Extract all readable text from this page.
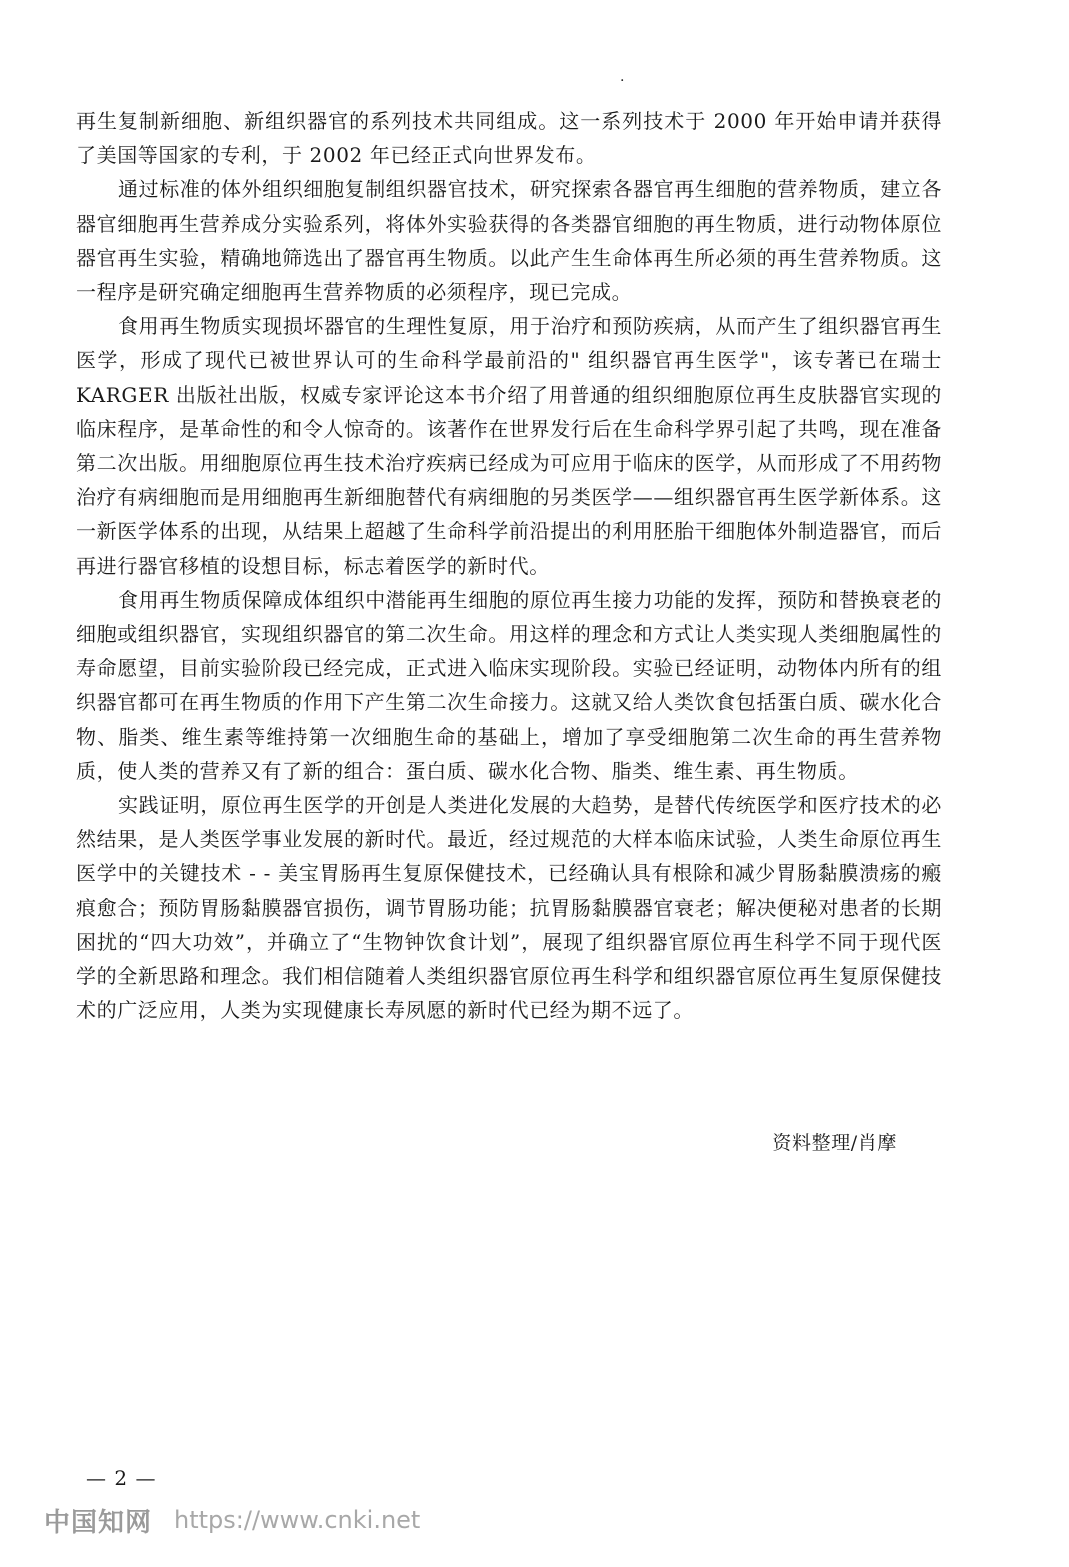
.

再生复制新细胞、新组织器官的系列技术共同组成。这一系列技术于 2000 年开始申请并获得了美国等国家的专利，于 2002 年已经正式向世界发布。

通过标准的体外组织细胞复制组织器官技术，研究探索各器官再生细胞的营养物质，建立各器官细胞再生营养成分实验系列，将体外实验获得的各类器官细胞的再生物质，进行动物体原位器官再生实验，精确地筛选出了器官再生物质。以此产生生命体再生所必须的再生营养物质。这一程序是研究确定细胞再生营养物质的必须程序，现已完成。

食用再生物质实现损坏器官的生理性复原，用于治疗和预防疾病，从而产生了组织器官再生医学，形成了现代已被世界认可的生命科学最前沿的" 组织器官再生医学"，该专著已在瑞士 KARGER 出版社出版，权威专家评论这本书介绍了用普通的组织细胞原位再生皮肤器官实现的临床程序，是革命性的和令人惊奇的。该著作在世界发行后在生命科学界引起了共鸣，现在准备第二次出版。用细胞原位再生技术治疗疾病已经成为可应用于临床的医学，从而形成了不用药物治疗有病细胞而是用细胞再生新细胞替代有病细胞的另类医学——组织器官再生医学新体系。这一新医学体系的出现，从结果上超越了生命科学前沿提出的利用胚胎干细胞体外制造器官，而后再进行器官移植的设想目标，标志着医学的新时代。

食用再生物质保障成体组织中潜能再生细胞的原位再生接力功能的发挥，预防和替换衰老的细胞或组织器官，实现组织器官的第二次生命。用这样的理念和方式让人类实现人类细胞属性的寿命愿望，目前实验阶段已经完成，正式进入临床实现阶段。实验已经证明，动物体内所有的组织器官都可在再生物质的作用下产生第二次生命接力。这就又给人类饮食包括蛋白质、碳水化合物、脂类、维生素等维持第一次细胞生命的基础上，增加了享受细胞第二次生命的再生营养物质，使人类的营养又有了新的组合：蛋白质、碳水化合物、脂类、维生素、再生物质。

实践证明，原位再生医学的开创是人类进化发展的大趋势，是替代传统医学和医疗技术的必然结果，是人类医学事业发展的新时代。最近，经过规范的大样本临床试验，人类生命原位再生医学中的关键技术 - - 美宝胃肠再生复原保健技术，已经确认具有根除和减少胃肠黏膜溃疡的瘢痕愈合；预防胃肠黏膜器官损伤，调节胃肠功能；抗胃肠黏膜器官衰老；解决便秘对患者的长期困扰的“四大功效”，并确立了“生物钟饮食计划”，展现了组织器官原位再生科学不同于现代医学的全新思路和理念。我们相信随着人类组织器官原位再生科学和组织器官原位再生复原保健技术的广泛应用，人类为实现健康长寿夙愿的新时代已经为期不远了。

资料整理/肖摩
— 2 —
中国知网 https://www.cnki.net
